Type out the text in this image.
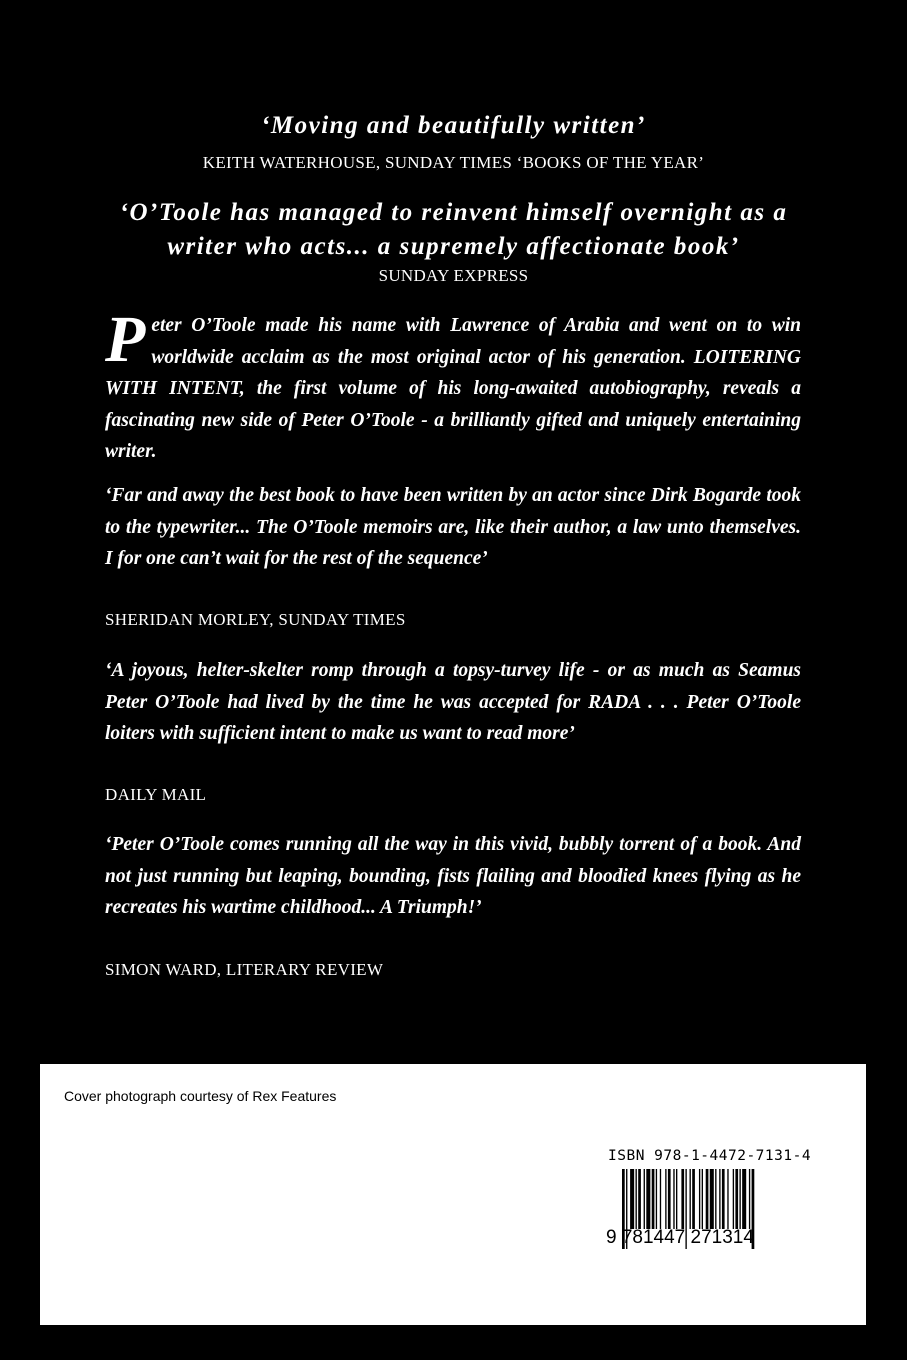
‘Moving and beautifully written’
KEITH WATERHOUSE, SUNDAY TIMES ‘BOOKS OF THE YEAR’
‘O’Toole has managed to reinvent himself overnight as a writer who acts... a supremely affectionate book’
SUNDAY EXPRESS
Peter O’Toole made his name with Lawrence of Arabia and went on to win worldwide acclaim as the most original actor of his generation. LOITERING WITH INTENT, the first volume of his long-awaited autobiography, reveals a fascinating new side of Peter O’Toole - a brilliantly gifted and uniquely entertaining writer.
‘Far and away the best book to have been written by an actor since Dirk Bogarde took to the typewriter... The O’Toole memoirs are, like their author, a law unto themselves. I for one can’t wait for the rest of the sequence’
SHERIDAN MORLEY, SUNDAY TIMES
‘A joyous, helter-skelter romp through a topsy-turvey life - or as much as Seamus Peter O’Toole had lived by the time he was accepted for RADA . . . Peter O’Toole loiters with sufficient intent to make us want to read more’
DAILY MAIL
‘Peter O’Toole comes running all the way in this vivid, bubbly torrent of a book. And not just running but leaping, bounding, fists flailing and bloodied knees flying as he recreates his wartime childhood... A Triumph!’
SIMON WARD, LITERARY REVIEW
Cover photograph courtesy of Rex Features
ISBN 978-1-4472-7131-4
9 781447 271314
